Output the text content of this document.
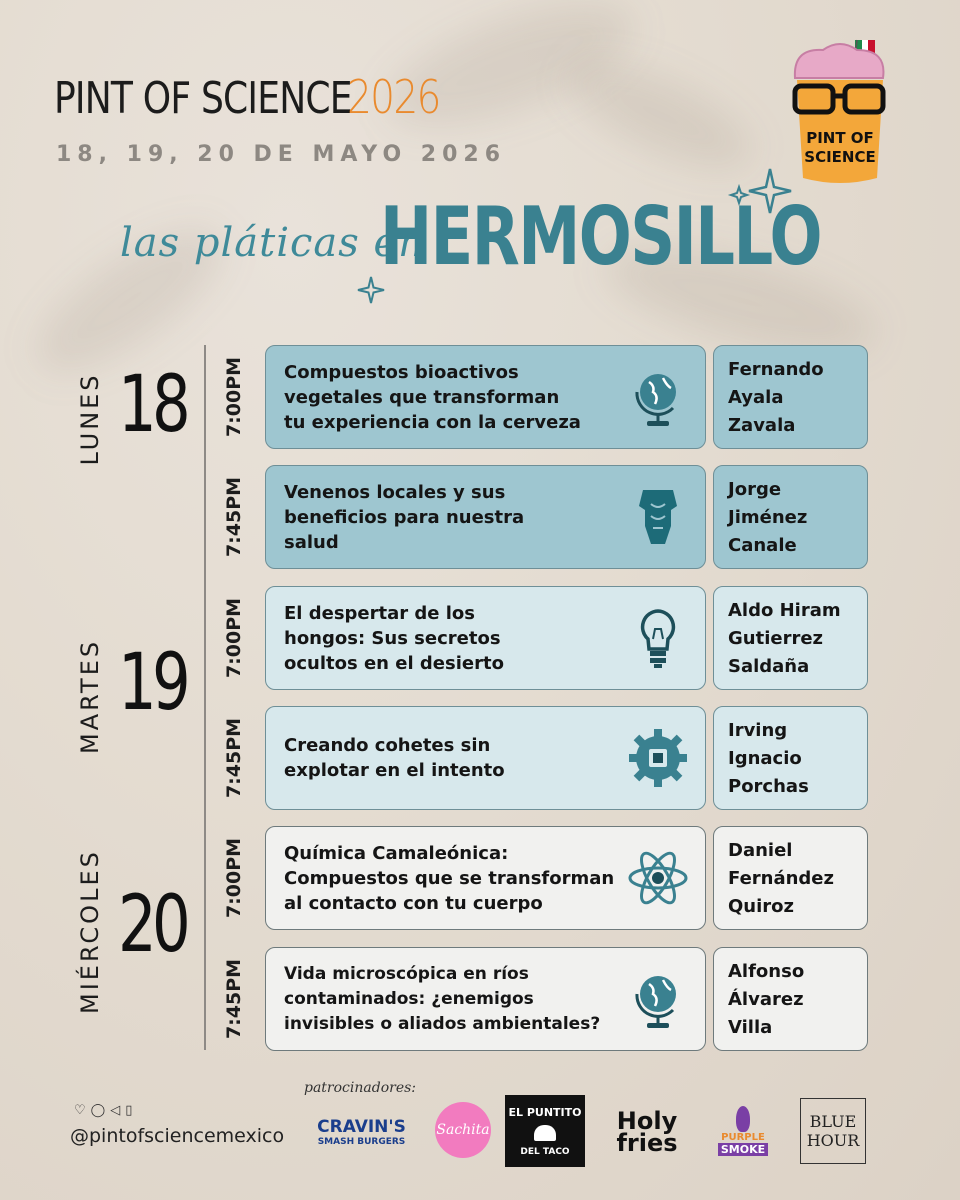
PINT OF SCIENCE
2026
18, 19, 20 DE MAYO 2026
las pláticas en
HERMOSILLO
PINT OF
SCIENCE
LUNES 18
MARTES 19
MIÉRCOLES 20
7:00PM Compuestos bioactivos
vegetales que transforman
tu experiencia con la cerveza
Fernando
Ayala
Zavala
7:45PM Venenos locales y sus
beneficios para nuestra
salud
Jorge
Jiménez
Canale
7:00PM El despertar de los
hongos: Sus secretos
ocultos en el desierto
Aldo Hiram
Gutierrez
Saldaña
7:45PM Creando cohetes sin
explotar en el intento
Irving
Ignacio
Porchas
7:00PM Química Camaleónica:
Compuestos que se transforman
al contacto con tu cuerpo
Daniel
Fernández
Quiroz
7:45PM Vida microscópica en ríos
contaminados: ¿enemigos
invisibles o aliados ambientales?
Alfonso
Álvarez
Villa
♡ ◯ ◁ ▯
@pintofsciencemexico
patrocinadores:
CRAVIN'S
SMASH BURGERS
Sachita
EL PUNTITO
DEL TACO
Holy
fries	PURPLE
SMOKE
BLUE
HOUR
